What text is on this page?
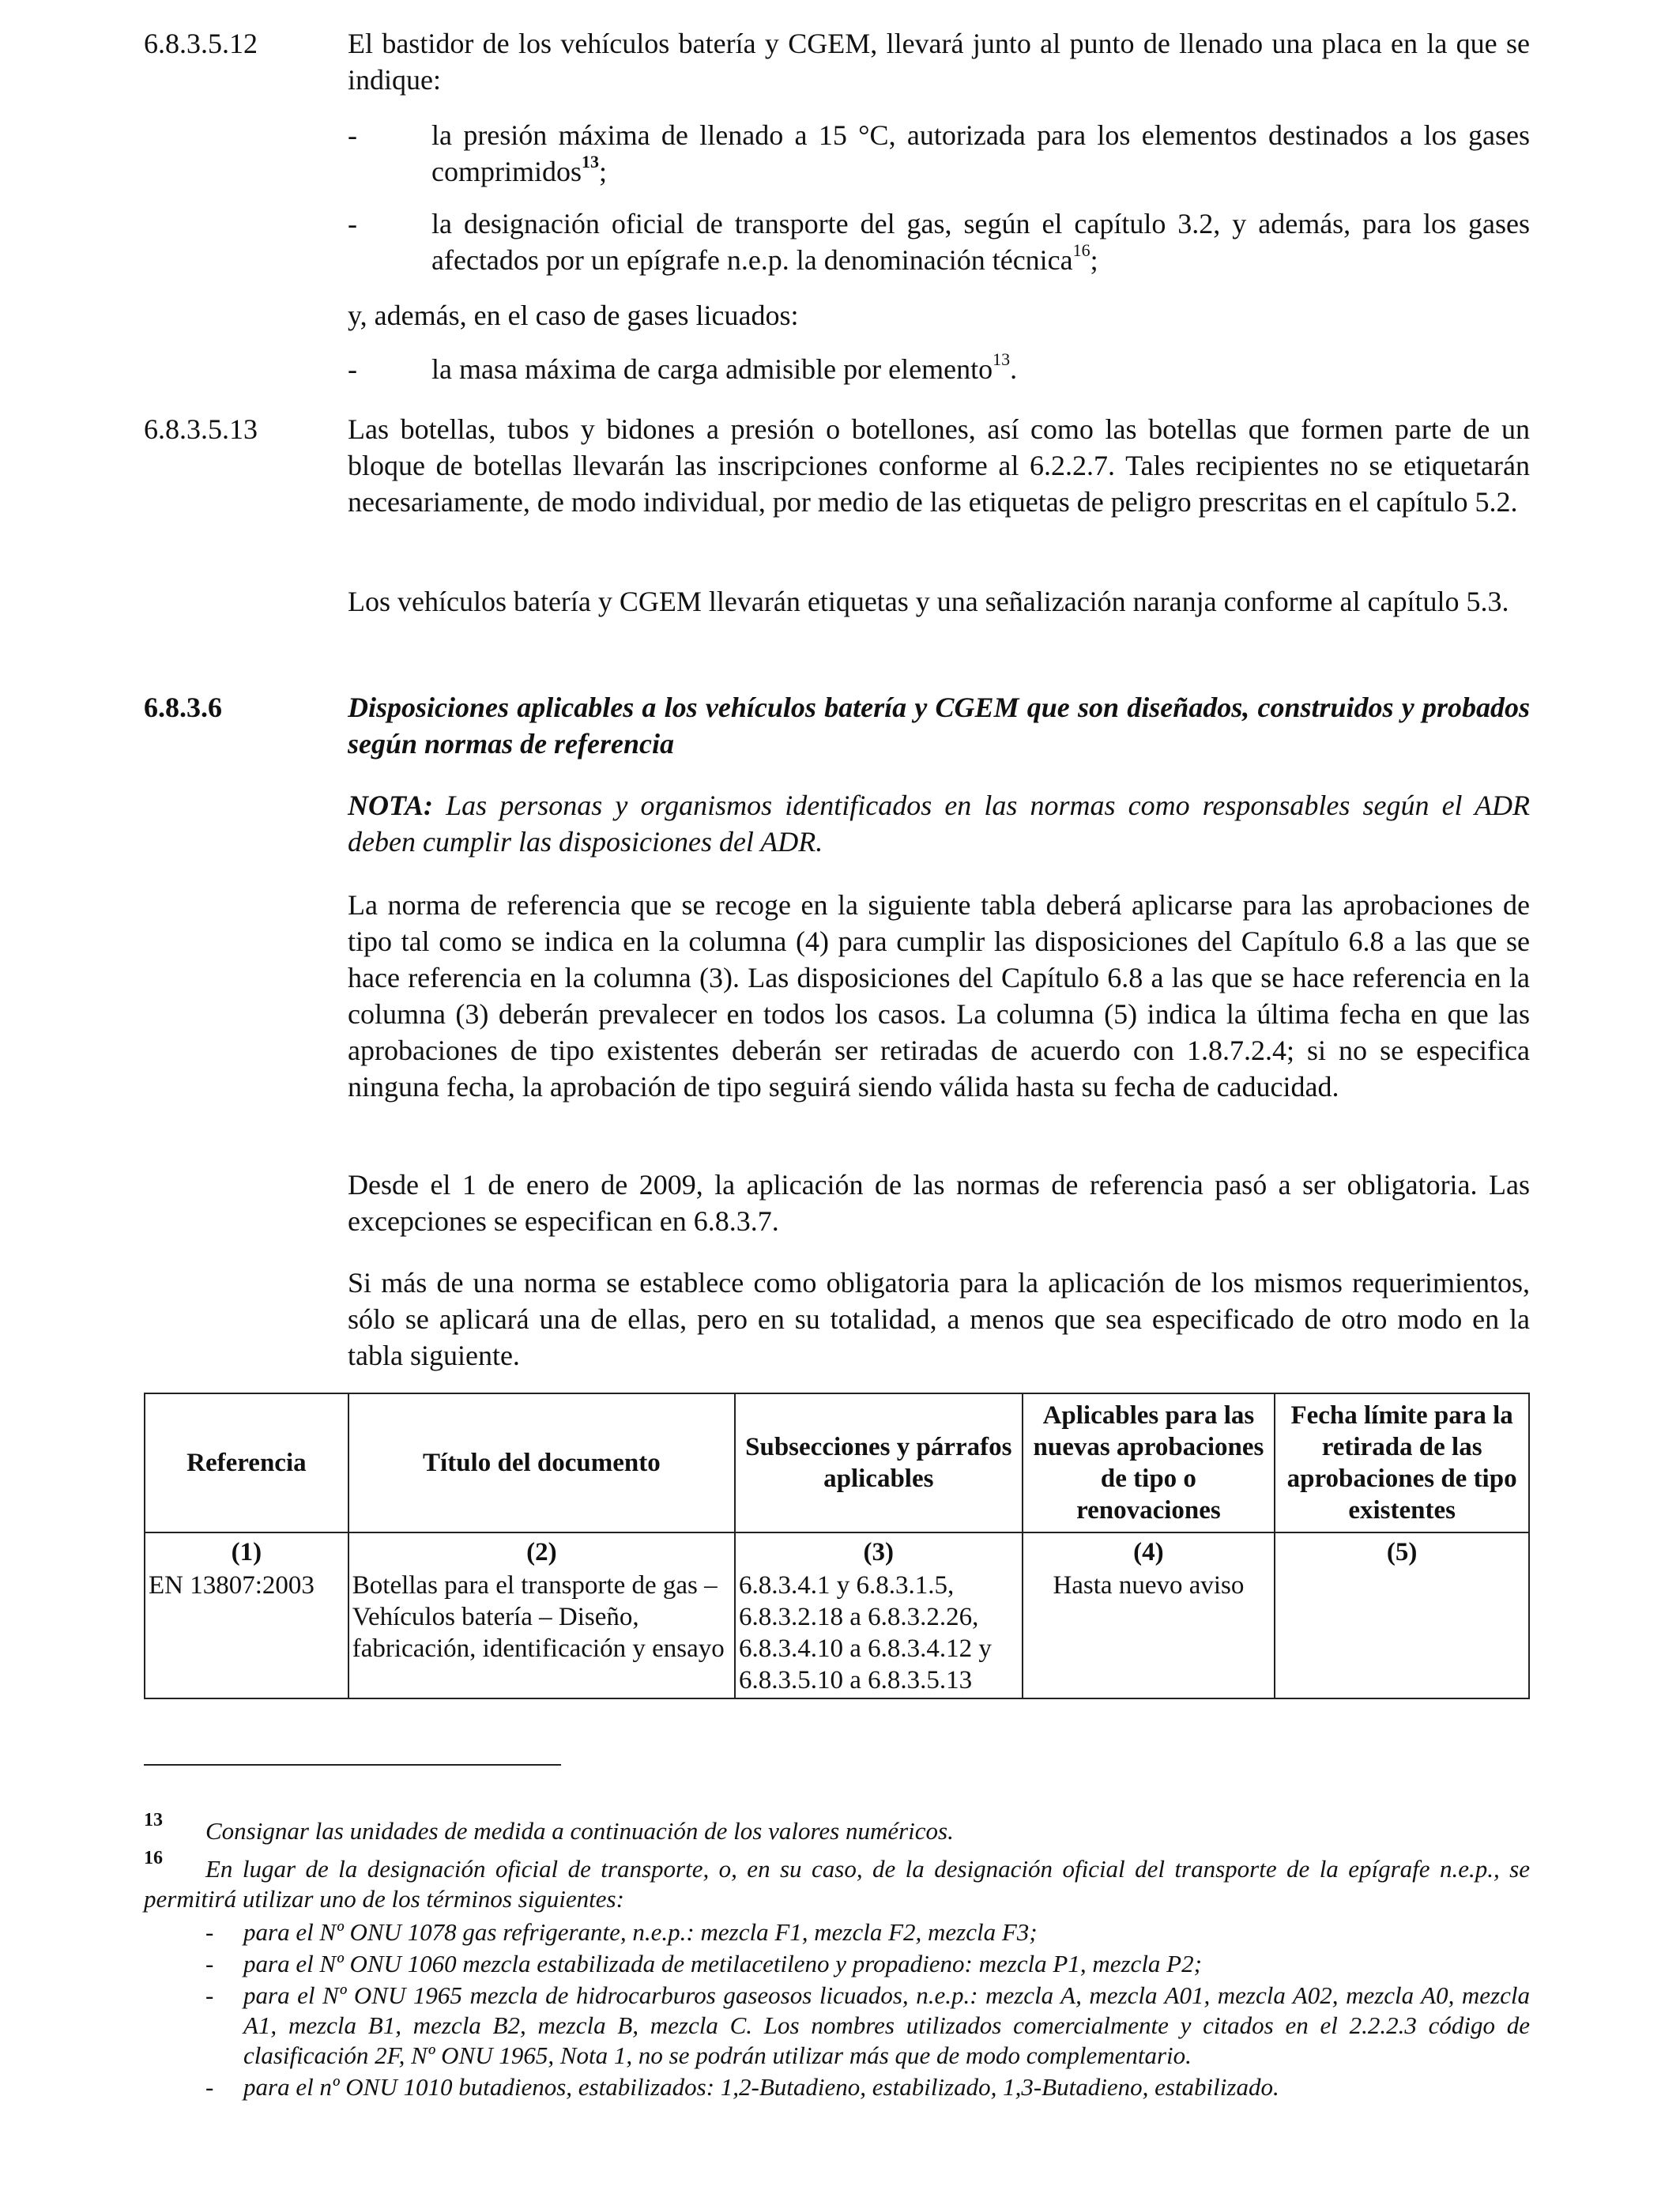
6.8.3.5.12	El bastidor de los vehículos batería y CGEM, llevará junto al punto de llenado una placa en la que se indique:
-	la presión máxima de llenado a 15 °C, autorizada para los elementos destinados a los gases comprimidos$^{13}$;
-	la designación oficial de transporte del gas, según el capítulo 3.2, y además, para los gases afectados por un epígrafe n.e.p. la denominación técnica$^{16}$;
y, además, en el caso de gases licuados:
-	la masa máxima de carga admisible por elemento$^{13}$.
6.8.3.5.13	Las botellas, tubos y bidones a presión o botellones, así como las botellas que formen parte de un bloque de botellas llevarán las inscripciones conforme al 6.2.2.7. Tales recipientes no se etiquetarán necesariamente, de modo individual, por medio de las etiquetas de peligro prescritas en el capítulo 5.2.
Los vehículos batería y CGEM llevarán etiquetas y una señalización naranja conforme al capítulo 5.3.
6.8.3.6	Disposiciones aplicables a los vehículos batería y CGEM que son diseñados, construidos y probados según normas de referencia
NOTA: Las personas y organismos identificados en las normas como responsables según el ADR deben cumplir las disposiciones del ADR.
La norma de referencia que se recoge en la siguiente tabla deberá aplicarse para las aprobaciones de tipo tal como se indica en la columna (4) para cumplir las disposiciones del Capítulo 6.8 a las que se hace referencia en la columna (3). Las disposiciones del Capítulo 6.8 a las que se hace referencia en la columna (3) deberán prevalecer en todos los casos. La columna (5) indica la última fecha en que las aprobaciones de tipo existentes deberán ser retiradas de acuerdo con 1.8.7.2.4; si no se especifica ninguna fecha, la aprobación de tipo seguirá siendo válida hasta su fecha de caducidad.
Desde el 1 de enero de 2009, la aplicación de las normas de referencia pasó a ser obligatoria. Las excepciones se especifican en 6.8.3.7.
Si más de una norma se establece como obligatoria para la aplicación de los mismos requerimientos, sólo se aplicará una de ellas, pero en su totalidad, a menos que sea especificado de otro modo en la tabla siguiente.
Referencia	Título del documento	Subsecciones y párrafos aplicables	Aplicables para las nuevas aprobaciones de tipo o renovaciones	Fecha límite para la retirada de las aprobaciones de tipo existentes
(1)	(2)	(3)	(4)	(5)
EN 13807:2003	Botellas para el transporte de gas – Vehículos batería – Diseño, fabricación, identificación y ensayo	6.8.3.4.1 y 6.8.3.1.5, 6.8.3.2.18 a 6.8.3.2.26, 6.8.3.4.10 a 6.8.3.4.12 y 6.8.3.5.10 a 6.8.3.5.13	Hasta nuevo aviso	
13 Consignar las unidades de medida a continuación de los valores numéricos.
16	En lugar de la designación oficial de transporte, o, en su caso, de la designación oficial del transporte de la epígrafe n.e.p., se permitirá utilizar uno de los términos siguientes:
- para el Nº ONU 1078 gas refrigerante, n.e.p.: mezcla F1, mezcla F2, mezcla F3;
- para el Nº ONU 1060 mezcla estabilizada de metilacetileno y propadieno: mezcla P1, mezcla P2;
- para el Nº ONU 1965 mezcla de hidrocarburos gaseosos licuados, n.e.p.: mezcla A, mezcla A01, mezcla A02, mezcla A0, mezcla A1, mezcla B1, mezcla B2, mezcla B, mezcla C. Los nombres utilizados comercialmente y citados en el 2.2.2.3 código de clasificación 2F, Nº ONU 1965, Nota 1, no se podrán utilizar más que de modo complementario.
- para el nº ONU 1010 butadienos, estabilizados: 1,2-Butadieno, estabilizado, 1,3-Butadieno, estabilizado.
